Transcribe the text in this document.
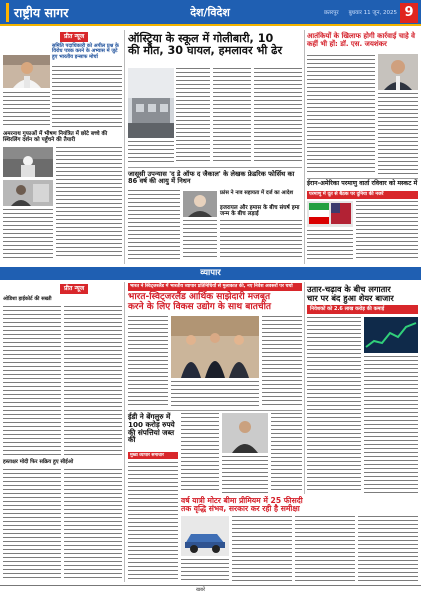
राष्ट्रीय सागर	देश/विदेश	छतरपुर बुधवार 11 जून, 2025 9
प्रीत न्यूज
समिति पदाधिकारी को अपील प्रश्न के विरोध पत्रक करने के अभ्यास में जुटे हुए भारतीय इन्साफ मोर्चा
अमरनाथ गुफाओं में भीषण नियंत्रित में छोटे बच्चे की स्थिरलिंग दर्शन को पहुँचने की तैयारी
ऑस्ट्रिया के स्कूल में गोलीबारी, 10
की मौत, 30 घायल, हमलावर भी ढेर
जासूसी उपन्यास 'द डे ऑफ द जैकाल' के लेखक फ्रेडरिक फोर्सिथ का 86 वर्ष की आयु में निधन
फ्रांस ने नाव सहायता में दर्ज का आदेश
इजरायल और हमास के बीच संघर्ष हमा जन्म के बीच लड़ाई
आतंकियों के खिलाफ होगी कार्रवाई चाहे वे कहीं भी हों: डॉ. एस. जयशंकर
ईरान-अमेरिका परमाणु वार्ता रविवार को मस्कट में
परमाणु में दूत से बैठक पर दुनिया की नजरें
व्यापार
प्रीत न्यूज
ओडिशा हाईकोर्ट की सख्ती
हस्ताक्षर मोदी फिर सक्रिय हुए सीईओ
भारत ने स्विट्जरलैंड में भारतीय व्यापार प्रतिनिधियों से मुलाकात की, नए निवेश अवसरों पर चर्चा
भारत-स्विट्जरलैंड आर्थिक साझेदारी मजबूत
करने के लिए विकस उद्योग के साथ बातचीत
ईडी ने बेंगलुरु में 100 करोड़ रुपये की संपत्तियां जब्त कीं
मुख्य व्यापार समाचार
वर्ष यात्री मोटर बीमा प्रीमियम में 25 फीसदी
तक वृद्धि संभव, सरकार कर रही है समीक्षा
उतार-चढ़ाव के बीच लगातार
चार पर बंद हुआ शेयर बाजार
निवेशकों को 2.6 लाख करोड़ की कमाई
खबरें
